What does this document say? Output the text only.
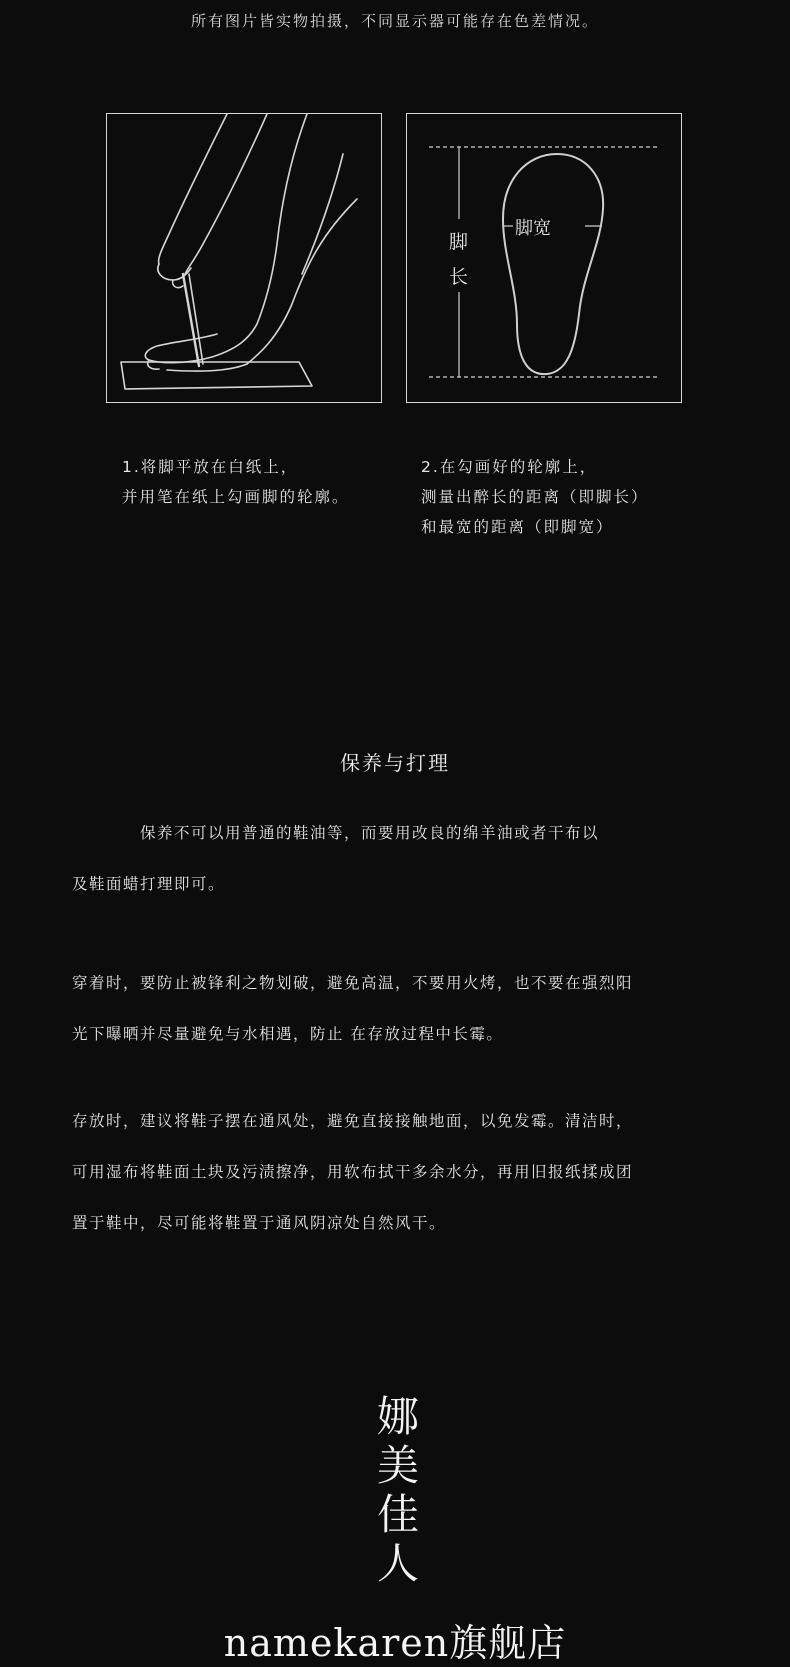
所有图片皆实物拍摄，不同显示器可能存在色差情况。
脚宽
脚
长
1.将脚平放在白纸上，
并用笔在纸上勾画脚的轮廓。
2.在勾画好的轮廓上，
测量出醉长的距离（即脚长）
和最宽的距离（即脚宽）
保养与打理
　　　　保养不可以用普通的鞋油等，而要用改良的绵羊油或者干布以
及鞋面蜡打理即可。
穿着时，要防止被锋利之物划破，避免高温，不要用火烤，也不要在强烈阳
光下曝晒并尽量避免与水相遇，防止 在存放过程中长霉。
存放时，建议将鞋子摆在通风处，避免直接接触地面，以免发霉。清洁时，
可用湿布将鞋面土块及污渍擦净，用软布拭干多余水分，再用旧报纸揉成团
置于鞋中，尽可能将鞋置于通风阴凉处自然风干。
娜
美
佳
人
namekaren旗舰店
